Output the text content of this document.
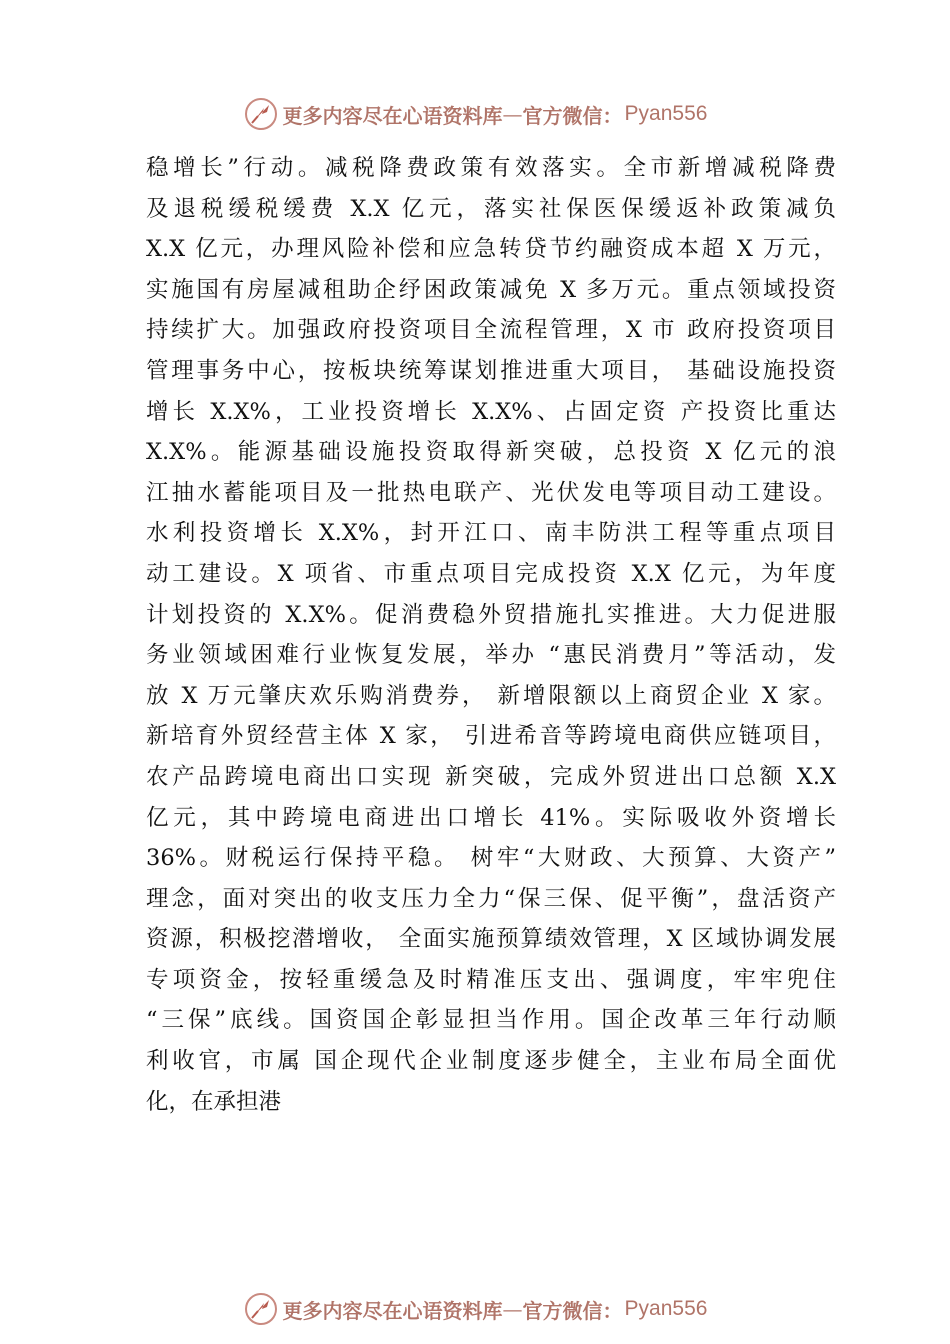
更多内容尽在心语资料库 — 官方微信： Pyan556
稳增长”行动。减税降费政策有效落实。全市新增减税降费
及退税缓税缓费 X.X 亿元，落实社保医保缓返补政策减负
X.X 亿元，办理风险补偿和应急转贷节约融资成本超 X 万元，
实施国有房屋减租助企纾困政策减免 X 多万元。重点领域投资
持续扩大。加强政府投资项目全流程管理，X 市 政府投资项目
管理事务中心，按板块统筹谋划推进重大项目， 基础设施投资
增长 X.X%，工业投资增长 X.X%、占固定资 产投资比重达
X.X%。能源基础设施投资取得新突破，总投资 X 亿元的浪
江抽水蓄能项目及一批热电联产、光伏发电等项目动工建设。
水利投资增长 X.X%，封开江口、南丰防洪工程等重点项目
动工建设。X 项省、市重点项目完成投资 X.X 亿元，为年度
计划投资的 X.X%。促消费稳外贸措施扎实推进。大力促进服
务业领域困难行业恢复发展，举办 “惠民消费月”等活动，发
放 X 万元肇庆欢乐购消费券， 新增限额以上商贸企业 X 家。
新培育外贸经营主体 X 家， 引进希音等跨境电商供应链项目，
农产品跨境电商出口实现 新突破，完成外贸进出口总额 X.X
亿元，其中跨境电商进出口增长 41%。实际吸收外资增长
36%。财税运行保持平稳。 树牢“大财政、大预算、大资产”
理念，面对突出的收支压力全力“保三保、促平衡”，盘活资产
资源，积极挖潜增收， 全面实施预算绩效管理，X 区域协调发展
专项资金，按轻重缓急及时精准压支出、强调度，牢牢兜住
“三保”底线。国资国企彰显担当作用。国企改革三年行动顺
利收官，市属 国企现代企业制度逐步健全，主业布局全面优
化，在承担港
更多内容尽在心语资料库 — 官方微信： Pyan556
